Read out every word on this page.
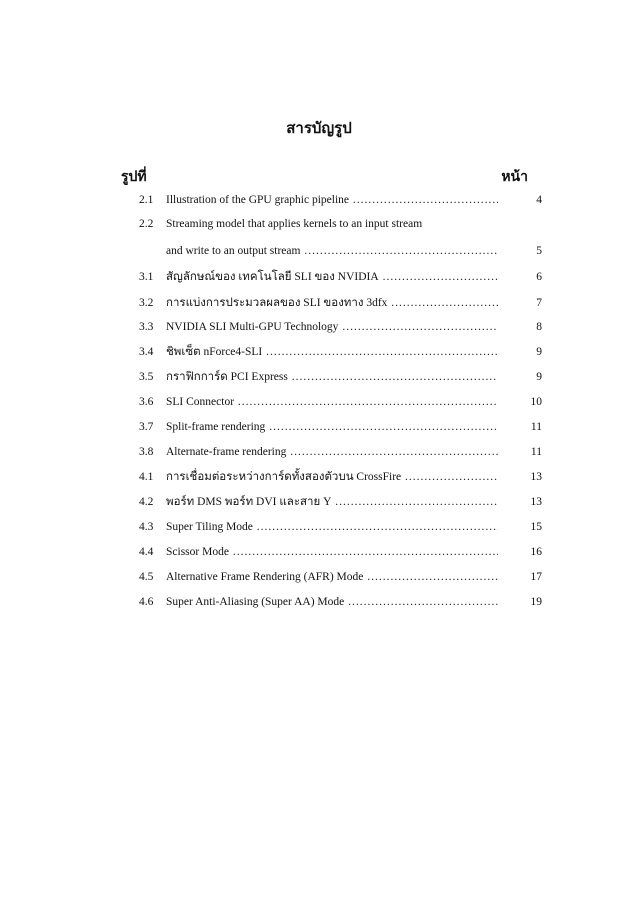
สารบัญรูป
รูปที่	หน้า
2.1 Illustration of the GPU graphic pipeline .....	4
2.2 Streaming model that applies kernels to an input stream
and write to an output stream .....	5
3.1 สัญลักษณ์ของ เทคโนโลยี SLI ของ NVIDIA .....	6
3.2 การแบ่งการประมวลผลของ SLI ของทาง 3dfx .....	7
3.3 NVIDIA SLI Multi-GPU Technology .....	8
3.4 ชิพเซ็ต nForce4-SLI .....	9
3.5 กราฟิกการ์ด PCI Express .....	9
3.6 SLI Connector .....	10
3.7 Split-frame rendering .....	11
3.8 Alternate-frame rendering .....	11
4.1 การเชื่อมต่อระหว่างการ์ดทั้งสองตัวบน CrossFire .....	13
4.2 พอร์ท DMS พอร์ท DVI และสาย Y .....	13
4.3 Super Tiling Mode .....	15
4.4 Scissor Mode .....	16
4.5 Alternative Frame Rendering (AFR) Mode .....	17
4.6 Super Anti-Aliasing (Super AA) Mode .....	19
